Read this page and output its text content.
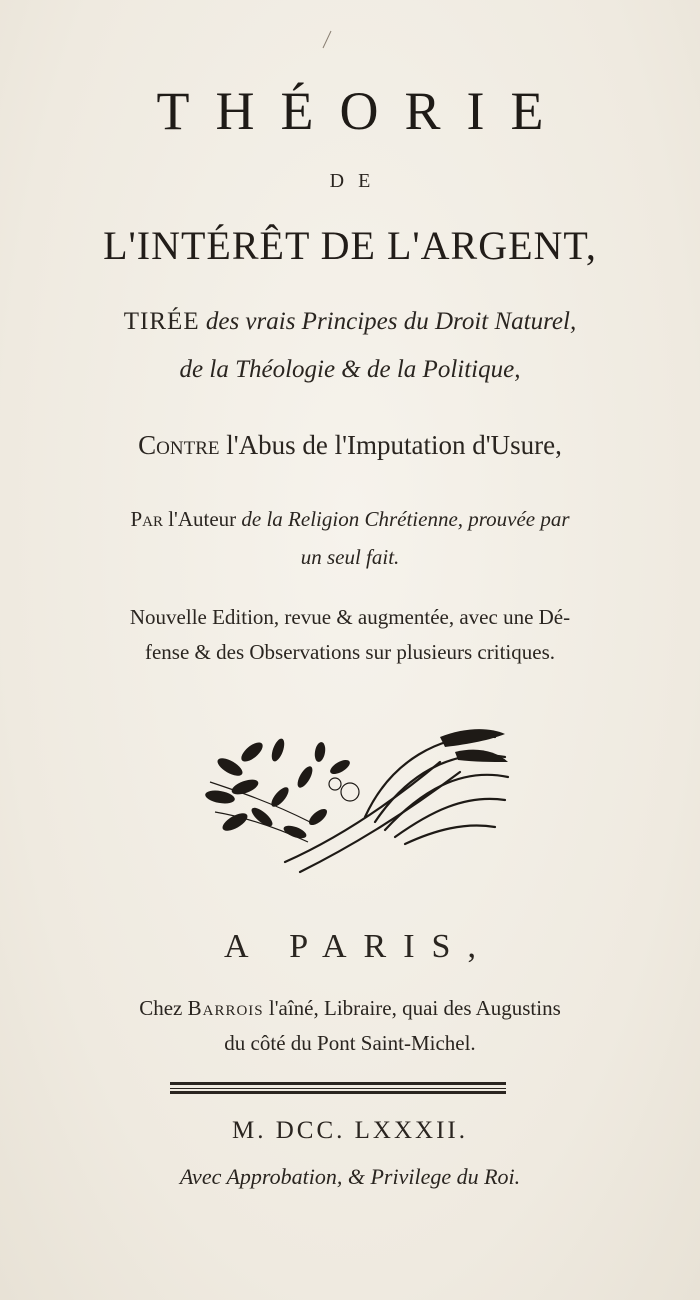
THÉORIE
DE
L'INTÉRÊT DE L'ARGENT,
TIRÉE des vrais Principes du Droit Naturel,
de la Théologie & de la Politique,
Contre l'Abus de l'Imputation d'Usure,
Par l'Auteur de la Religion Chrétienne, prouvée par
un seul fait.
Nouvelle Edition, revue & augmentée, avec une Dé-
fense & des Observations sur plusieurs critiques.
A PARIS,
Chez Barrois l'aîné, Libraire, quai des Augustins
du côté du Pont Saint-Michel.
M. DCC. LXXXII.
Avec Approbation, & Privilege du Roi.
